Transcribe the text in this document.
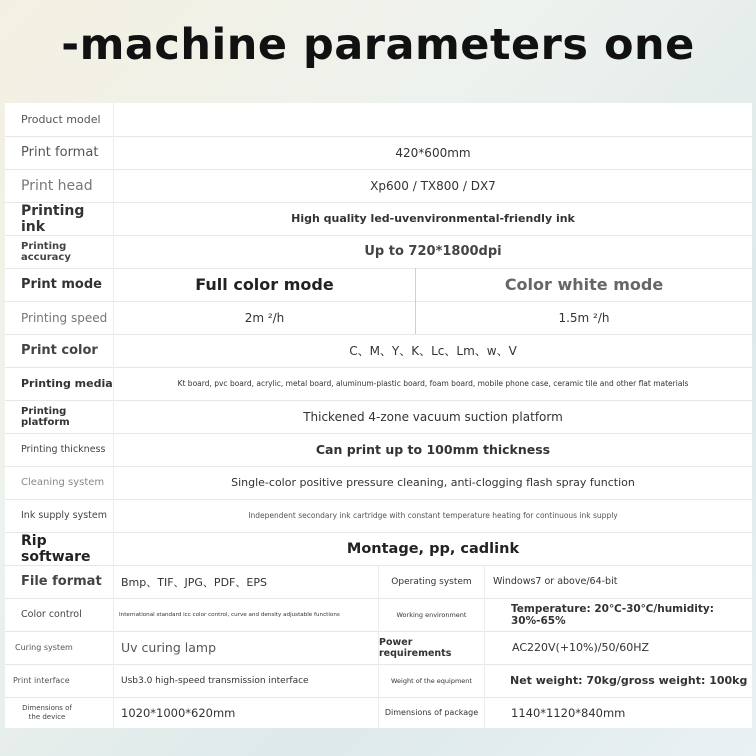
-machine parameters one
Product model
Print format	420*600mm
Print head	Xp600 / TX800 / DX7
Printing ink	High quality led-uvenvironmental-friendly ink
Printing accuracy	Up to 720*1800dpi
Print mode	Full color mode	Color white mode
Printing speed	2m ²/h	1.5m ²/h
Print color	C、M、Y、K、Lc、Lm、w、V
Printing media	Kt board, pvc board, acrylic, metal board, aluminum-plastic board, foam board, mobile phone case, ceramic tile and other flat materials
Printing platform	Thickened 4-zone vacuum suction platform
Printing thickness	Can print up to 100mm thickness
Cleaning system	Single-color positive pressure cleaning, anti-clogging flash spray function
Ink supply system	Independent secondary ink cartridge with constant temperature heating for continuous ink supply
Rip software	Montage, pp, cadlink
File format	Bmp、TIF、JPG、PDF、EPS	Operating system	Windows7 or above/64-bit
Color control	International standard icc color control, curve and density adjustable functions	Working environment	Temperature: 20℃-30℃/humidity: 30%-65%
Curing system	Uv curing lamp	Power requirements	AC220V(+10%)/50/60HZ
Print interface	Usb3.0 high-speed transmission interface	Weight of the equipment	Net weight: 70kg/gross weight: 100kg
Dimensions of the device	1020*1000*620mm	Dimensions of package	1140*1120*840mm
